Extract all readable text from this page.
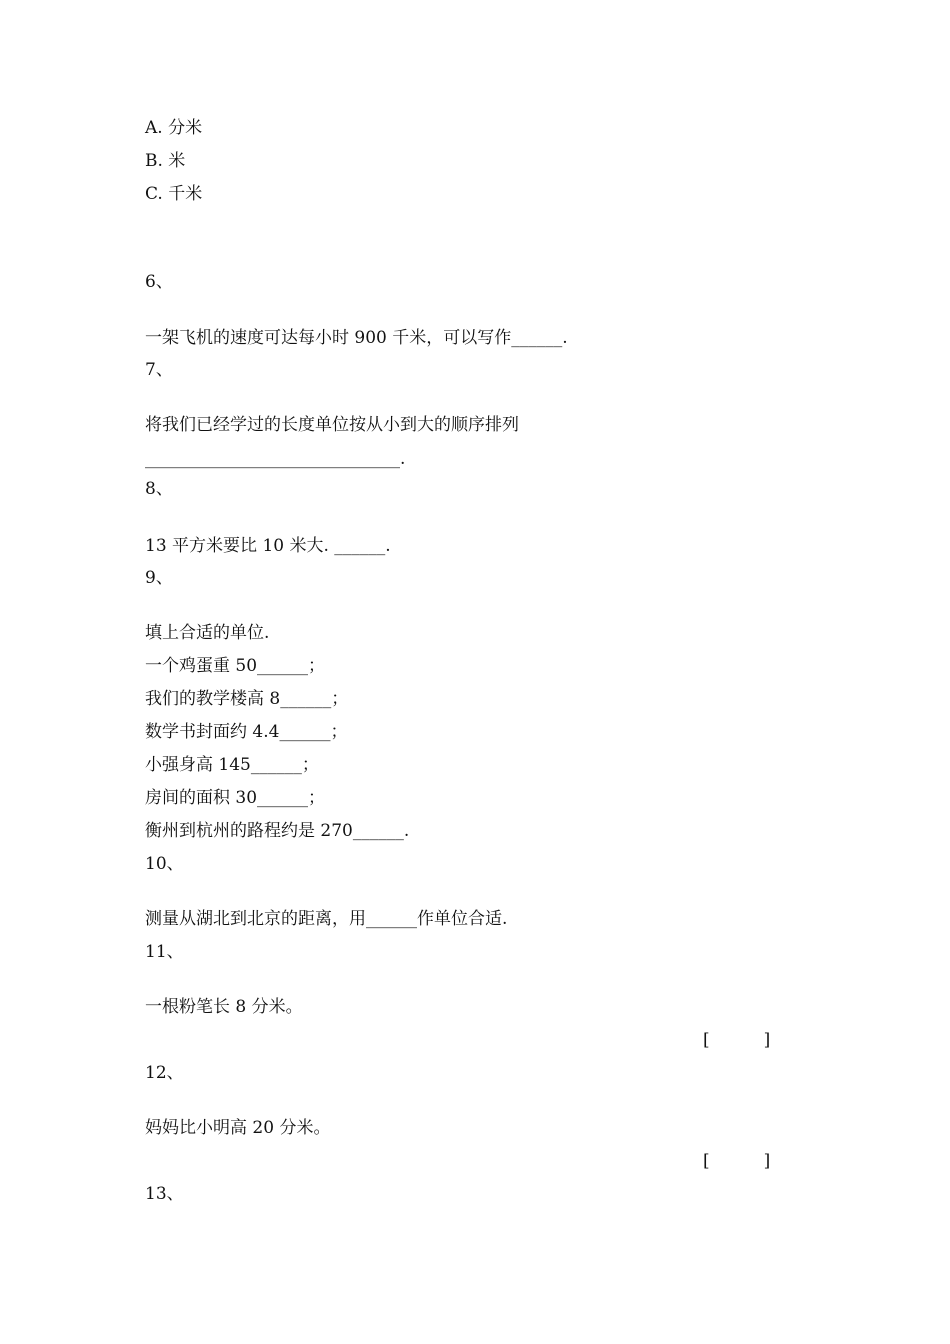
A. 分米
B. 米
C. 千米
6、
一架飞机的速度可达每小时 900 千米，可以写作______.
7、
将我们已经学过的长度单位按从小到大的顺序排列
______________________________.
8、
13 平方米要比 10 米大. ______.
9、
填上合适的单位.
一个鸡蛋重 50______；
我们的教学楼高 8______；
数学书封面约 4.4______；
小强身高 145______；
房间的面积 30______；
衡州到杭州的路程约是 270______.
10、
测量从湖北到北京的距离，用______作单位合适.
11、
一根粉笔长 8 分米。
[          ]
12、
妈妈比小明高 20 分米。
[          ]
13、
